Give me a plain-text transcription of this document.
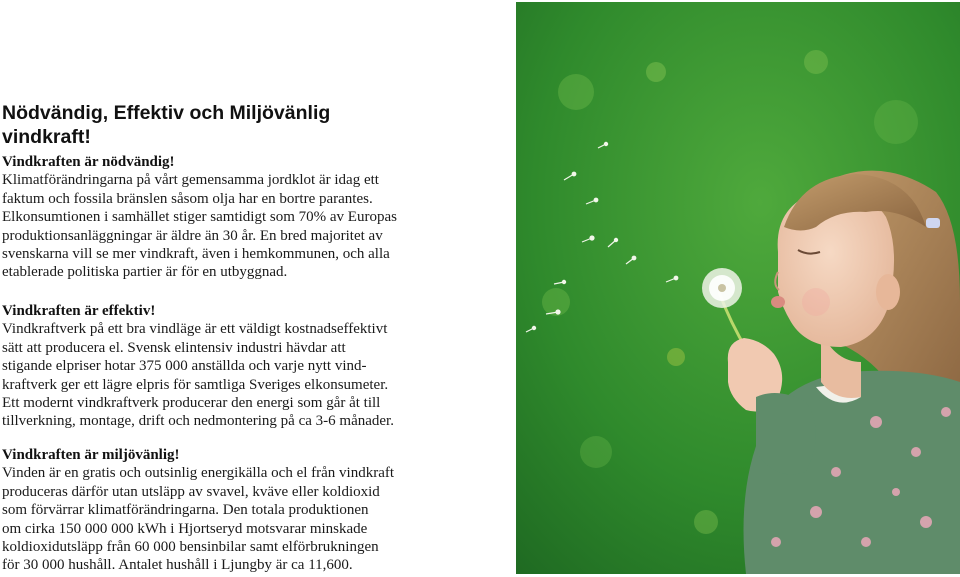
Nödvändig, Effektiv och Miljövänlig
vindkraft!
Vindkraften är nödvändig!

Klimatförändringarna på vårt gemensamma jordklot är idag ett
faktum och fossila bränslen såsom olja har en bortre parantes.
Elkonsumtionen i samhället stiger samtidigt som 70% av Europas
produktionsanläggningar är äldre än 30 år. En bred majoritet av
svenskarna vill se mer vindkraft, även i hemkommunen, och alla
etablerade politiska partier är för en utbyggnad.

Vindkraften är effektiv!

Vindkraftverk på ett bra vindläge är ett väldigt kostnadseffektivt
sätt att producera el. Svensk elintensiv industri hävdar att
stigande elpriser hotar 375 000 anställda och varje nytt vind-
kraftverk ger ett lägre elpris för samtliga Sveriges elkonsumeter.
Ett modernt vindkraftverk producerar den energi som går åt till
tillverkning, montage, drift och nedmontering på ca 3-6 månader.

Vindkraften är miljövänlig!

Vinden är en gratis och outsinlig energikälla och el från vindkraft
produceras därför utan utsläpp av svavel, kväve eller koldioxid
som förvärrar klimatförändringarna. Den totala produktionen
om cirka 150 000 000 kWh i Hjortseryd motsvarar minskade
koldioxidutsläpp från 60 000 bensinbilar samt elförbrukningen
för 30 000 hushåll. Antalet hushåll i Ljungby är ca 11,600.
